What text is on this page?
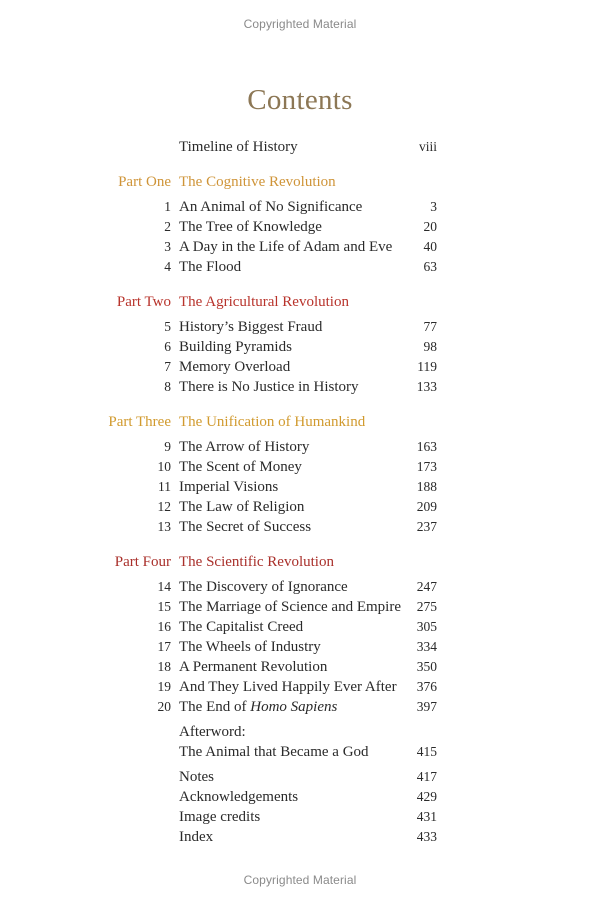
Copyrighted Material
Contents
Timeline of History	viii
Part One The Cognitive Revolution
1 An Animal of No Significance	3
2 The Tree of Knowledge	20
3 A Day in the Life of Adam and Eve 40
4 The Flood	63
Part Two The Agricultural Revolution
5 History’s Biggest Fraud	77
6 Building Pyramids	98
7 Memory Overload	119
8 There is No Justice in History	133
Part Three The Unification of Humankind
9 The Arrow of History	163
10 The Scent of Money	173
11 Imperial Visions	188
12 The Law of Religion	209
13 The Secret of Success	237
Part Four The Scientific Revolution
14 The Discovery of Ignorance	247
15 The Marriage of Science and Empire 275
16 The Capitalist Creed	305
17 The Wheels of Industry	334
18 A Permanent Revolution	350
19 And They Lived Happily Ever After 376
20 The End of Homo Sapiens	397
Afterword:
The Animal that Became a God	415
Notes	417
Acknowledgements	429
Image credits	431
Index	433
Copyrighted Material
